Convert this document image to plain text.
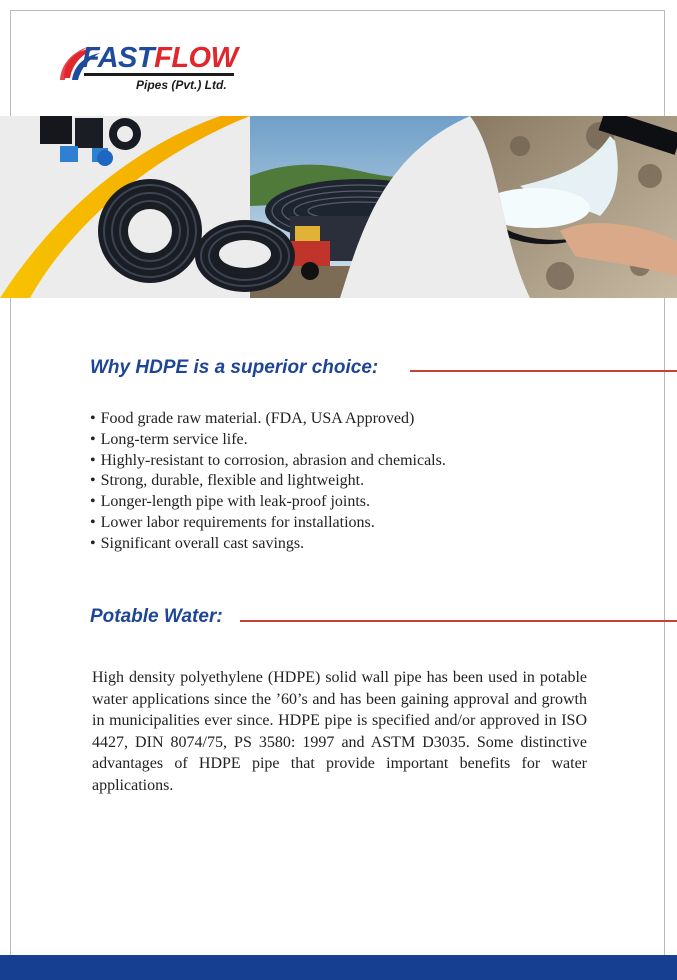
FASTFLOW
Pipes (Pvt.) Ltd.
Why HDPE is a superior choice:
• Food grade raw material. (FDA, USA Approved)
• Long-term service life.
• Highly-resistant to corrosion, abrasion and chemicals.
• Strong, durable, flexible and lightweight.
• Longer-length pipe with leak-proof joints.
• Lower labor requirements for installations.
• Significant overall cast savings.
Potable Water:

High density polyethylene (HDPE) solid wall pipe has been used in potable water applications since the ’60’s and has been gaining approval and growth in municipalities ever since. HDPE pipe is specified and/or approved in ISO 4427, DIN 8074/75, PS 3580: 1997 and ASTM D3035. Some distinctive advantages of HDPE pipe that provide important benefits for water applications.
